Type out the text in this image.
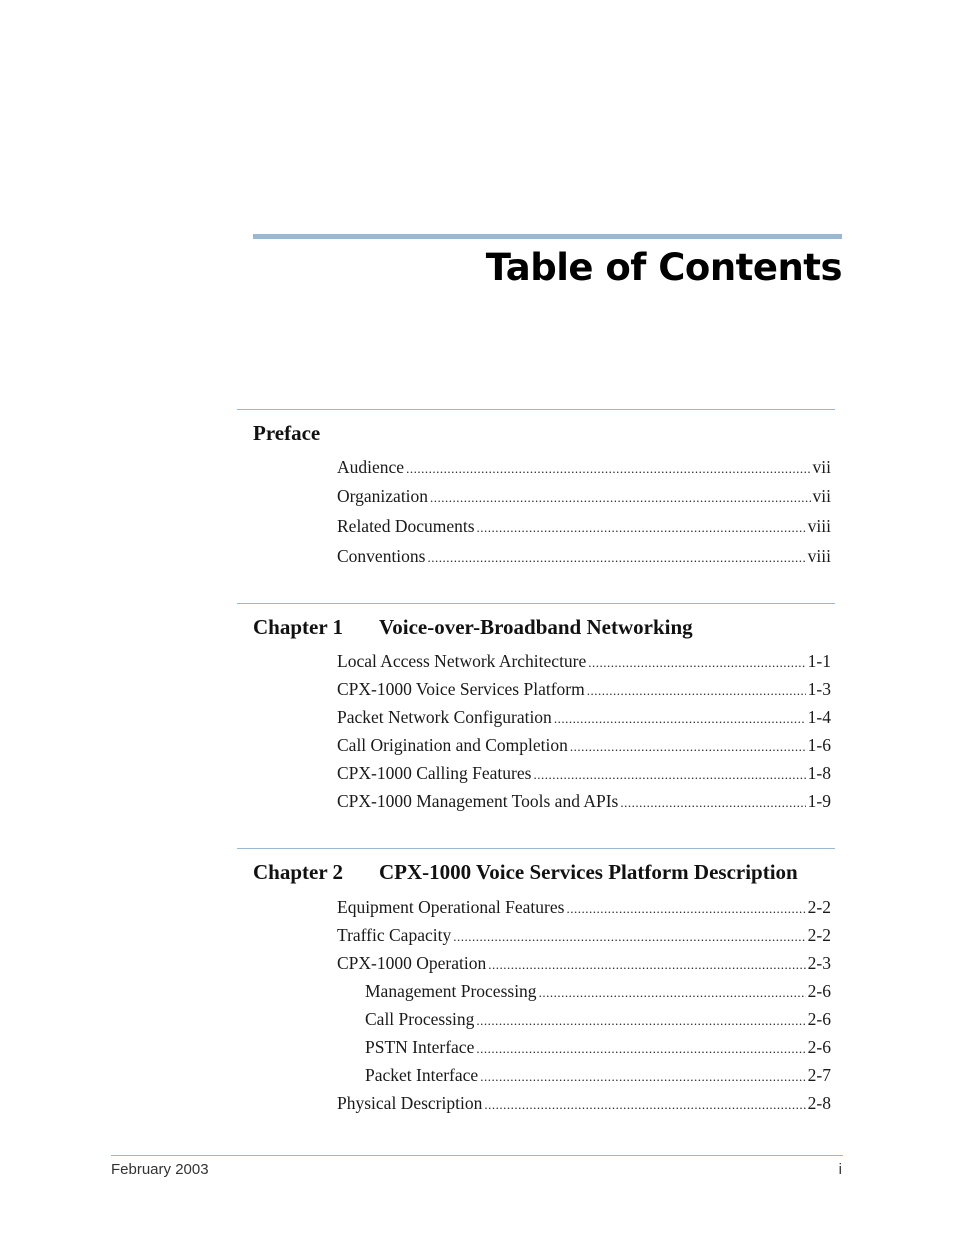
Table of Contents
Preface
Audience .....	vii
Organization .....	vii
Related Documents .....	viii
Conventions .....	viii
Chapter 1 Voice-over-Broadband Networking
Local Access Network Architecture .....	1-1
CPX-1000 Voice Services Platform .....	1-3
Packet Network Configuration .....	1-4
Call Origination and Completion .....	1-6
CPX-1000 Calling Features .....	1-8
CPX-1000 Management Tools and APIs .....	1-9
Chapter 2 CPX-1000 Voice Services Platform Description
Equipment Operational Features .....	2-2
Traffic Capacity .....	2-2
CPX-1000 Operation .....	2-3
Management Processing .....	2-6
Call Processing .....	2-6
PSTN Interface .....	2-6
Packet Interface .....	2-7
Physical Description .....	2-8
February 2003	i
